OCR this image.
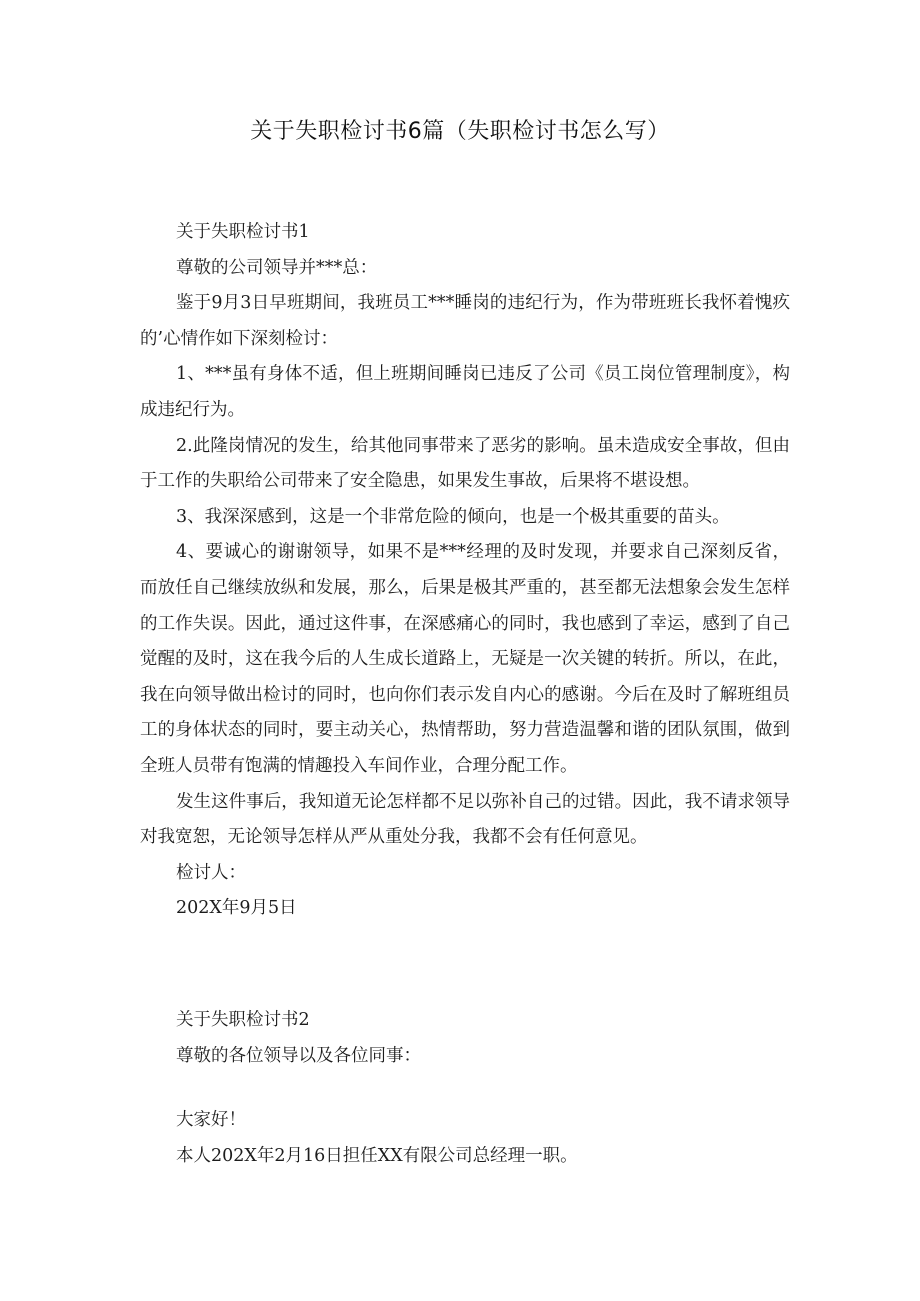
关于失职检讨书6篇（失职检讨书怎么写）

关于失职检讨书1

尊敬的公司领导并***总：

鉴于9月3日早班期间，我班员工***睡岗的违纪行为，作为带班班长我怀着愧疚的’心情作如下深刻检讨：

1、***虽有身体不适，但上班期间睡岗已违反了公司《员工岗位管理制度》，构成违纪行为。

2.此隆岗情况的发生，给其他同事带来了恶劣的影响。虽未造成安全事故，但由于工作的失职给公司带来了安全隐患，如果发生事故，后果将不堪设想。

3、我深深感到，这是一个非常危险的倾向，也是一个极其重要的苗头。

4、要诚心的谢谢领导，如果不是***经理的及时发现，并要求自己深刻反省，而放任自己继续放纵和发展，那么，后果是极其严重的，甚至都无法想象会发生怎样的工作失误。因此，通过这件事，在深感痛心的同时，我也感到了幸运，感到了自己觉醒的及时，这在我今后的人生成长道路上，无疑是一次关键的转折。所以，在此，我在向领导做出检讨的同时，也向你们表示发自内心的感谢。今后在及时了解班组员工的身体状态的同时，要主动关心，热情帮助，努力营造温馨和谐的团队氛围，做到全班人员带有饱满的情趣投入车间作业，合理分配工作。

发生这件事后，我知道无论怎样都不足以弥补自己的过错。因此，我不请求领导对我宽恕，无论领导怎样从严从重处分我，我都不会有任何意见。

检讨人：

202X年9月5日

关于失职检讨书2

尊敬的各位领导以及各位同事：

大家好！

本人202X年2月16日担任XX有限公司总经理一职。
